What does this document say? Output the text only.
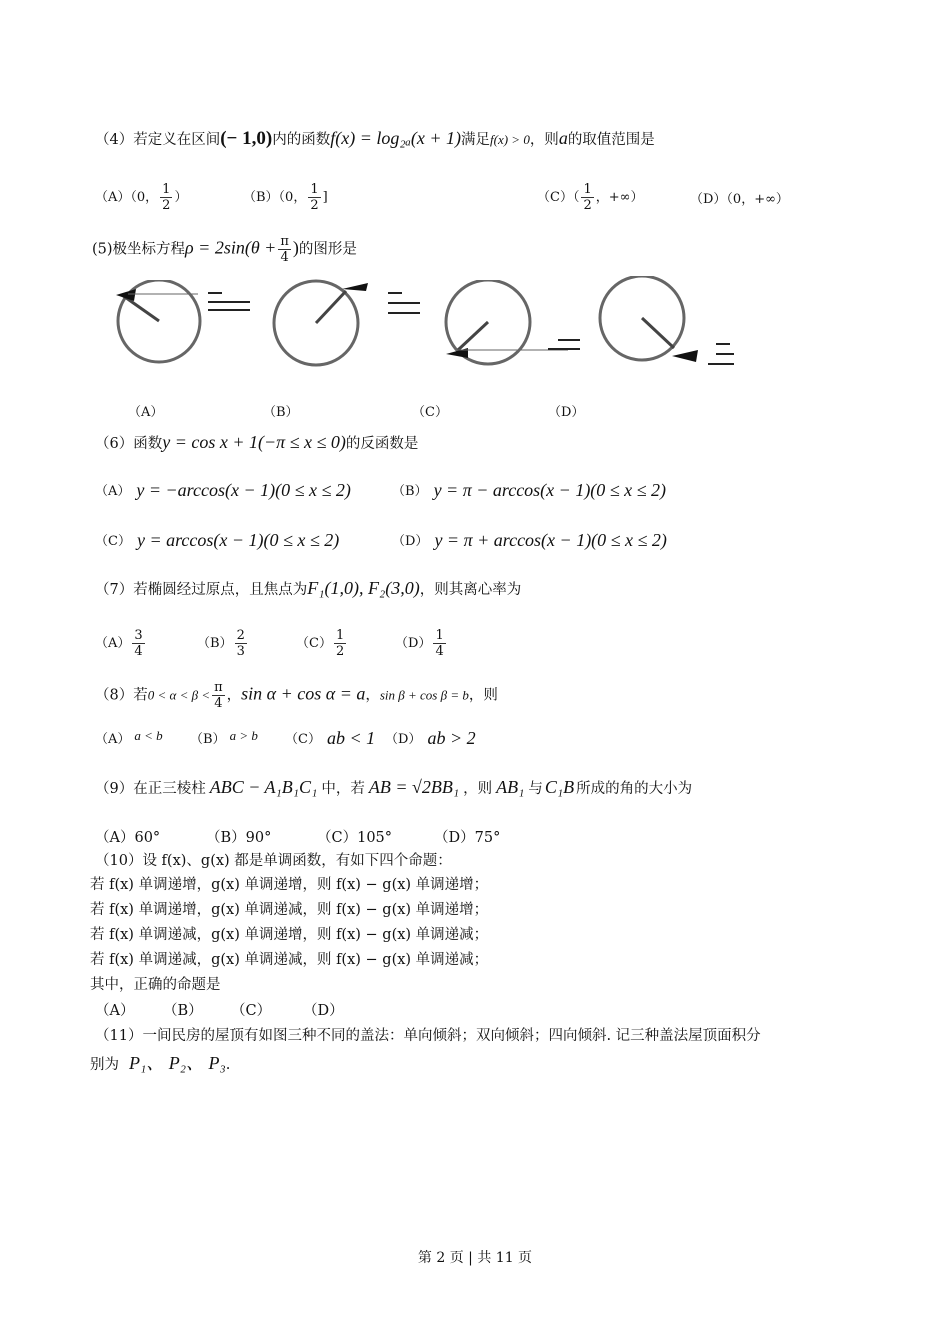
（4）若定义在区间(− 1,0)内的函数f(x) = log₂ₐ(x + 1)满足f(x) > 0，则a的取值范围是
（A）（0， $\frac{1}{2}$ ）	（B）（0， $\frac{1}{2}$ ]	$(C)( \frac{1}{2}$ ，+∞）	（D）（0，+∞）
(5)极坐标方程$\rho = 2\sin(\theta + \frac{\pi}{4}$ )的图形是
（A）	（B）	（C）	（D）
（6）函数y = cos x + 1(−π ≤ x ≤ 0)的反函数是
（A） y = −arccos(x − 1)(0 ≤ x ≤ 2)	（B） y = π − arccos(x − 1)(0 ≤ x ≤ 2)
（C） y = arccos(x − 1)(0 ≤ x ≤ 2)	（D） y = π + arccos(x − 1)(0 ≤ x ≤ 2)
（7）若椭圆经过原点，且焦点为F₁(1,0), F₂(3,0)，则其离心率为
$(A) \frac{3}{4}$	$(B) \frac{2}{3}$	$(C) \frac{1}{2}$	$(D) \frac{1}{4}$
（8）若$0 < \alpha < \beta < \frac{\pi}{4}$ ，sin α + cos α = a，sin β + cos β = b，则
（A） a < b （B） a > b （C） ab < 1 （D） ab > 2
（9）在正三棱柱 ABC − A₁B₁C₁ 中，若 AB = √2BB₁ ，则 AB₁ 与 C₁B 所成的角的大小为
（A）60°	（B）90°	（C）105°	（D）75°
（10）设 f(x)、g(x) 都是单调函数，有如下四个命题：
若 f(x) 单调递增，g(x) 单调递增，则 f(x) − g(x) 单调递增；
若 f(x) 单调递增，g(x) 单调递减，则 f(x) − g(x) 单调递增；
若 f(x) 单调递减，g(x) 单调递增，则 f(x) − g(x) 单调递减；
若 f(x) 单调递减，g(x) 单调递减，则 f(x) − g(x) 单调递减；
其中，正确的命题是
（A） （B） （C） （D）
（11）一间民房的屋顶有如图三种不同的盖法：单向倾斜；双向倾斜；四向倾斜. 记三种盖法屋顶面积分
别为 P₁、 P₂、 P₃.
第 2 页 | 共 11 页
